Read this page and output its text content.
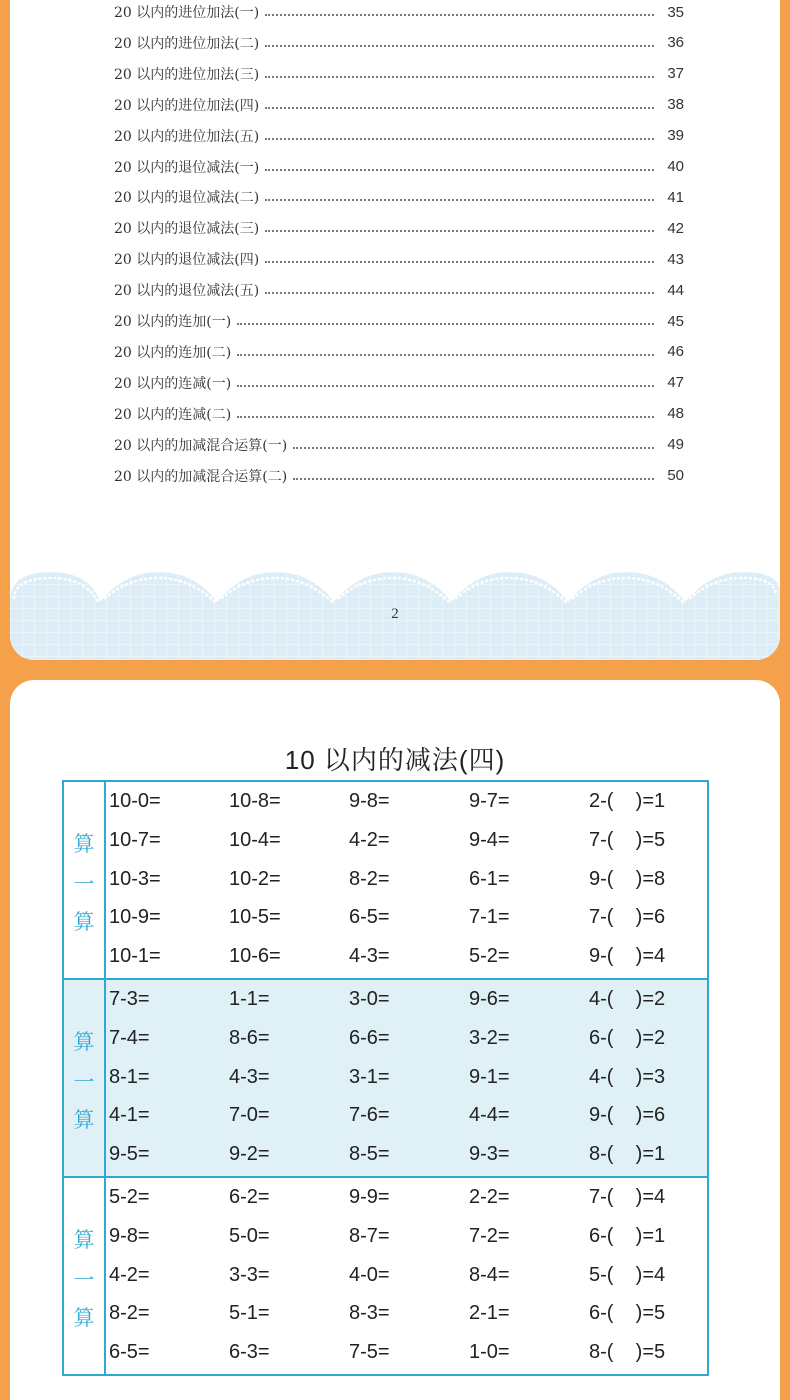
20 以内的进位加法(一)	35
20 以内的进位加法(二)	36
20 以内的进位加法(三)	37
20 以内的进位加法(四)	38
20 以内的进位加法(五)	39
20 以内的退位减法(一)	40
20 以内的退位减法(二)	41
20 以内的退位减法(三)	42
20 以内的退位减法(四)	43
20 以内的退位减法(五)	44
20 以内的连加(一)	45
20 以内的连加(二)	46
20 以内的连减(一)	47
20 以内的连减(二)	48
20 以内的加减混合运算(一)	49
20 以内的加减混合运算(二)	50
2
10 以内的减法(四)
算
一
算
10-0=	10-8=	9-8=	9-7=	2-(    )=1
10-7=	10-4=	4-2=	9-4=	7-(    )=5
10-3=	10-2=	8-2=	6-1=	9-(    )=8
10-9=	10-5=	6-5=	7-1=	7-(    )=6
10-1=	10-6=	4-3=	5-2=	9-(    )=4
算
一
算
7-3=	1-1=	3-0=	9-6=	4-(    )=2
7-4=	8-6=	6-6=	3-2=	6-(    )=2
8-1=	4-3=	3-1=	9-1=	4-(    )=3
4-1=	7-0=	7-6=	4-4=	9-(    )=6
9-5=	9-2=	8-5=	9-3=	8-(    )=1
算
一
算
5-2=	6-2=	9-9=	2-2=	7-(    )=4
9-8=	5-0=	8-7=	7-2=	6-(    )=1
4-2=	3-3=	4-0=	8-4=	5-(    )=4
8-2=	5-1=	8-3=	2-1=	6-(    )=5
6-5=	6-3=	7-5=	1-0=	8-(    )=5
